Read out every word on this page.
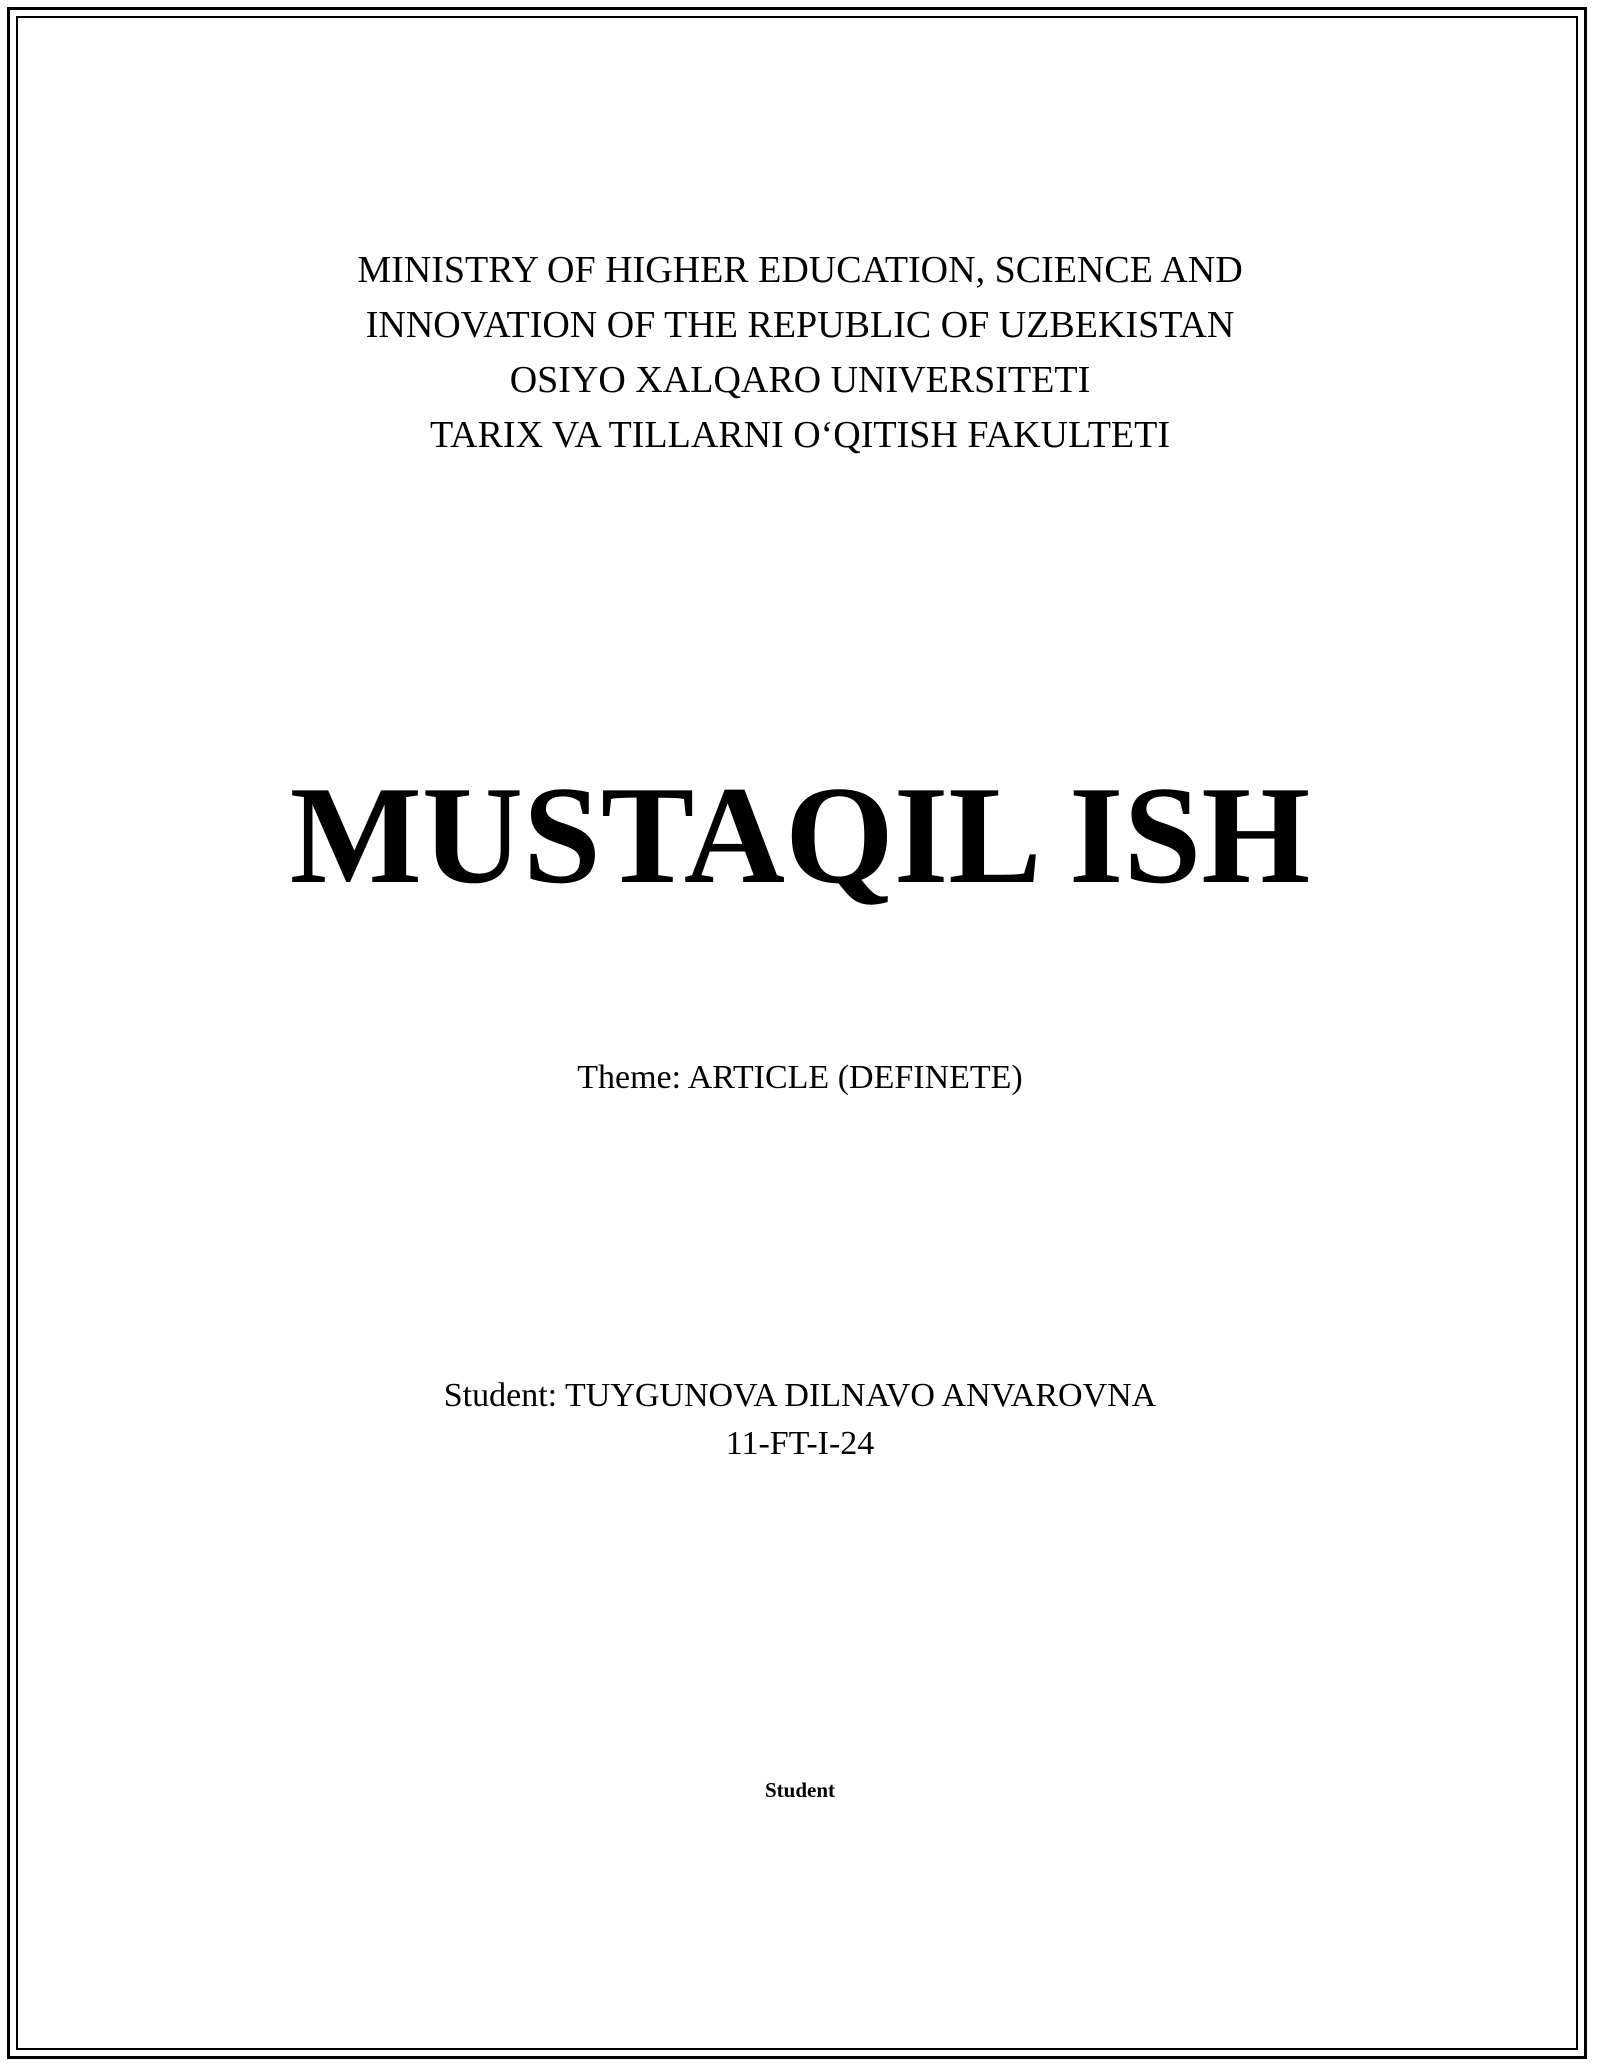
MINISTRY OF HIGHER EDUCATION, SCIENCE AND
INNOVATION OF THE REPUBLIC OF UZBEKISTAN
OSIYO XALQARO UNIVERSITETI
TARIX VA TILLARNI O‘QITISH FAKULTETI
MUSTAQIL ISH
Theme: ARTICLE (DEFINETE)
Student: TUYGUNOVA DILNAVO ANVAROVNA
11-FT-I-24
Student
